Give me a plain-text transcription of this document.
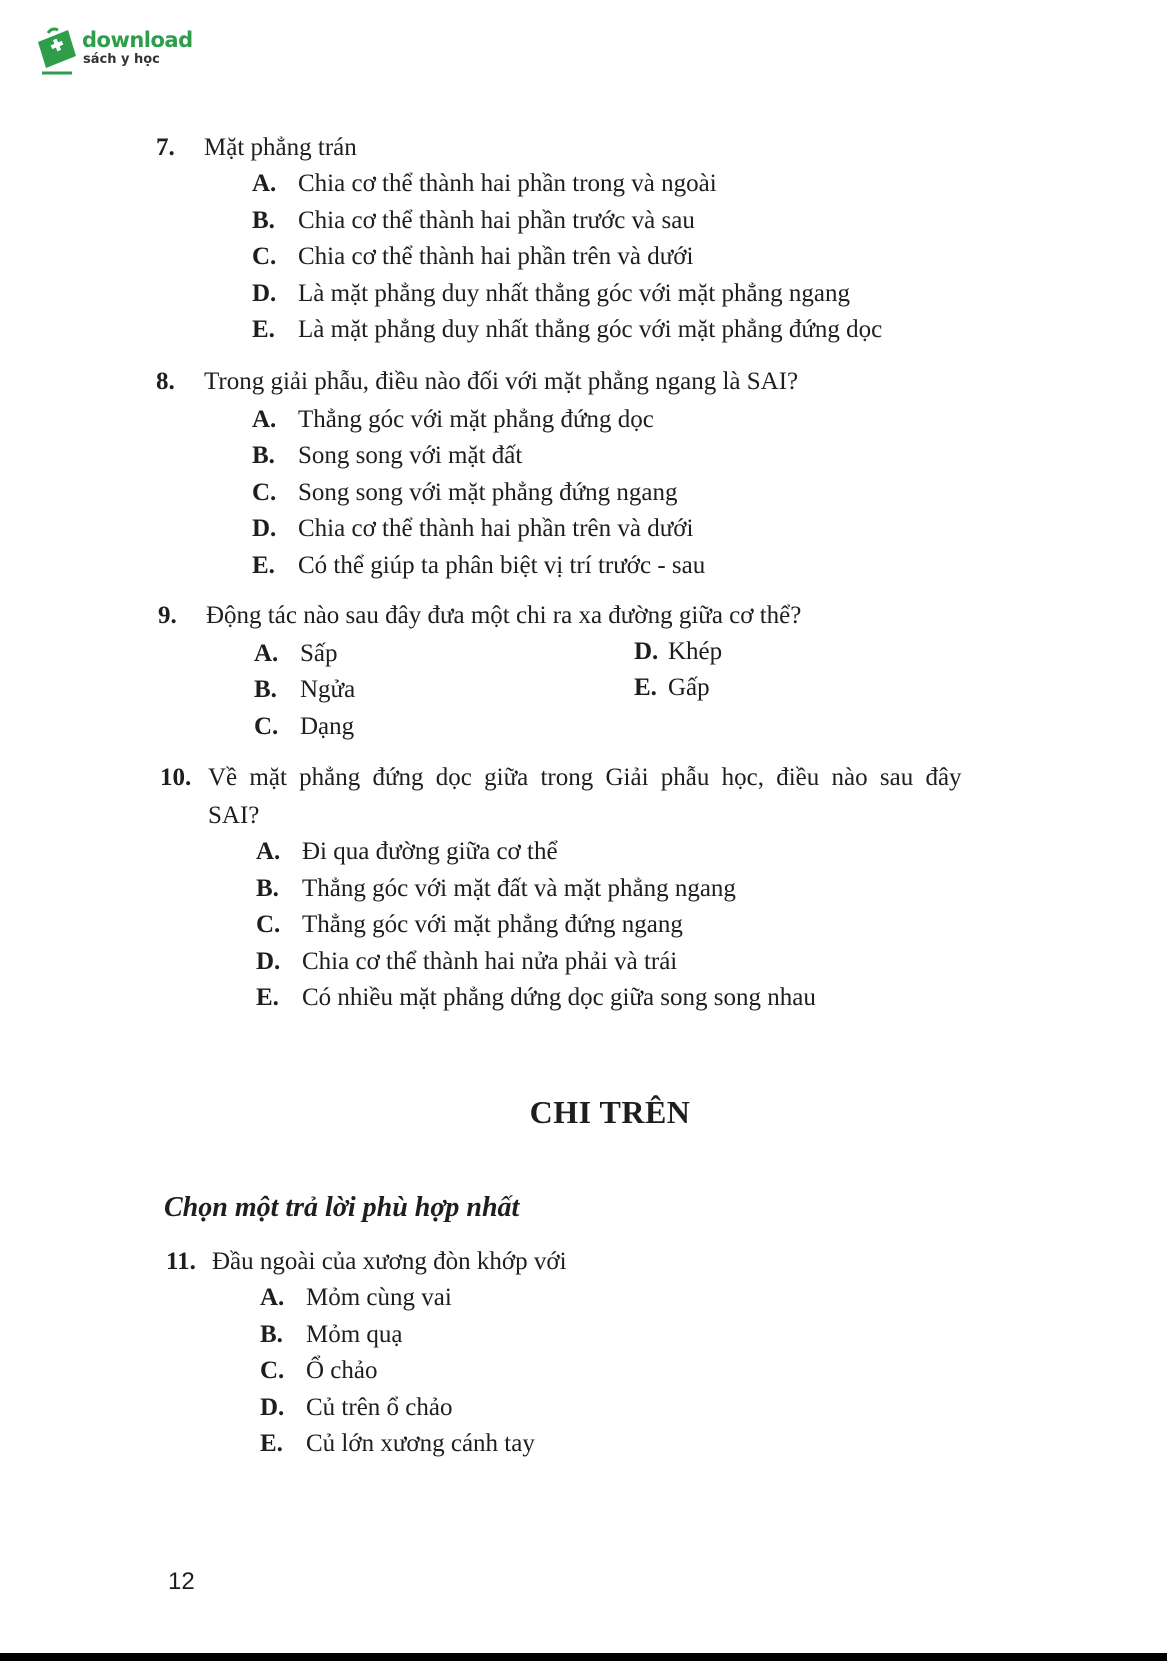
download
sách y học
7. Mặt phẳng trán
A. Chia cơ thể thành hai phần trong và ngoài
B. Chia cơ thể thành hai phần trước và sau
C. Chia cơ thể thành hai phần trên và dưới
D. Là mặt phẳng duy nhất thẳng góc với mặt phẳng ngang
E. Là mặt phẳng duy nhất thẳng góc với mặt phẳng đứng dọc
8. Trong giải phẫu, điều nào đối với mặt phẳng ngang là SAI?
A. Thẳng góc với mặt phẳng đứng dọc
B. Song song với mặt đất
C. Song song với mặt phẳng đứng ngang
D. Chia cơ thể thành hai phần trên và dưới
E. Có thể giúp ta phân biệt vị trí trước - sau
9. Động tác nào sau đây đưa một chi ra xa đường giữa cơ thể?
A. Sấp
B. Ngửa
C. Dạng
D. Khép
E. Gấp
10. Về mặt phẳng đứng dọc giữa trong Giải phẫu học, điều nào sau đây
SAI?
A. Đi qua đường giữa cơ thể
B. Thẳng góc với mặt đất và mặt phẳng ngang
C. Thẳng góc với mặt phẳng đứng ngang
D. Chia cơ thể thành hai nửa phải và trái
E. Có nhiều mặt phẳng dứng dọc giữa song song nhau
CHI TRÊN
Chọn một trả lời phù hợp nhất
11. Đầu ngoài của xương đòn khớp với
A. Mỏm cùng vai
B. Mỏm quạ
C. Ổ chảo
D. Củ trên ổ chảo
E. Củ lớn xương cánh tay
12
